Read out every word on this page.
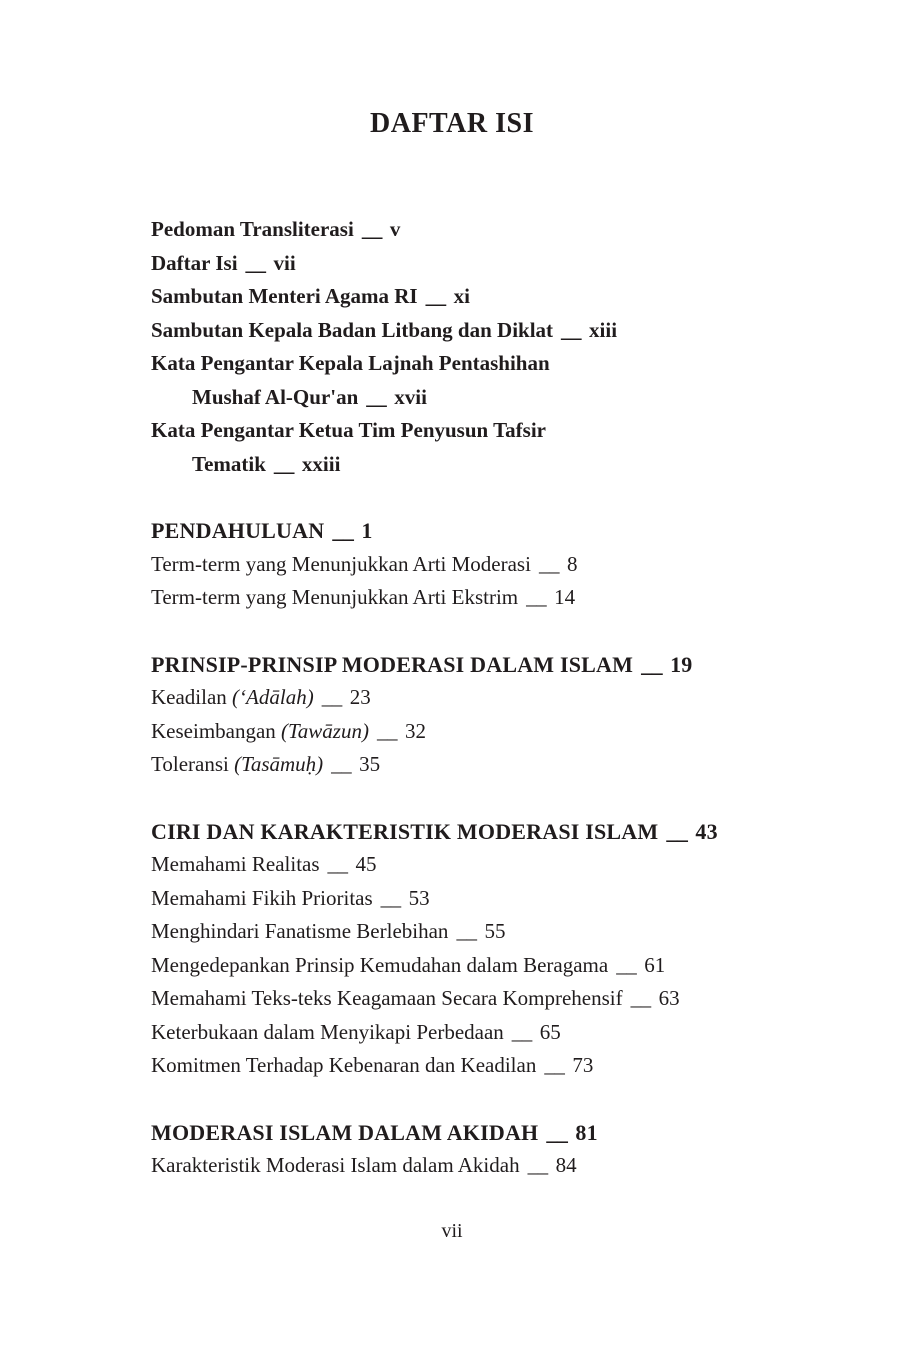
DAFTAR ISI
Pedoman Transliterasi __ v
Daftar Isi __ vii
Sambutan Menteri Agama RI __ xi
Sambutan Kepala Badan Litbang dan Diklat __ xiii
Kata Pengantar Kepala Lajnah Pentashihan
Mushaf Al-Qur'an __ xvii
Kata Pengantar Ketua Tim Penyusun Tafsir
Tematik __ xxiii
PENDAHULUAN __ 1
Term-term yang Menunjukkan Arti Moderasi __ 8
Term-term yang Menunjukkan Arti Ekstrim __ 14
PRINSIP-PRINSIP MODERASI DALAM ISLAM __ 19
Keadilan (ʻAdālah) __ 23
Keseimbangan (Tawāzun) __ 32
Toleransi (Tasāmuḥ) __ 35
CIRI DAN KARAKTERISTIK MODERASI ISLAM __ 43
Memahami Realitas __ 45
Memahami Fikih Prioritas __ 53
Menghindari Fanatisme Berlebihan __ 55
Mengedepankan Prinsip Kemudahan dalam Beragama __ 61
Memahami Teks-teks Keagamaan Secara Komprehensif __ 63
Keterbukaan dalam Menyikapi Perbedaan __ 65
Komitmen Terhadap Kebenaran dan Keadilan __ 73
MODERASI ISLAM DALAM AKIDAH __ 81
Karakteristik Moderasi Islam dalam Akidah __ 84
vii
